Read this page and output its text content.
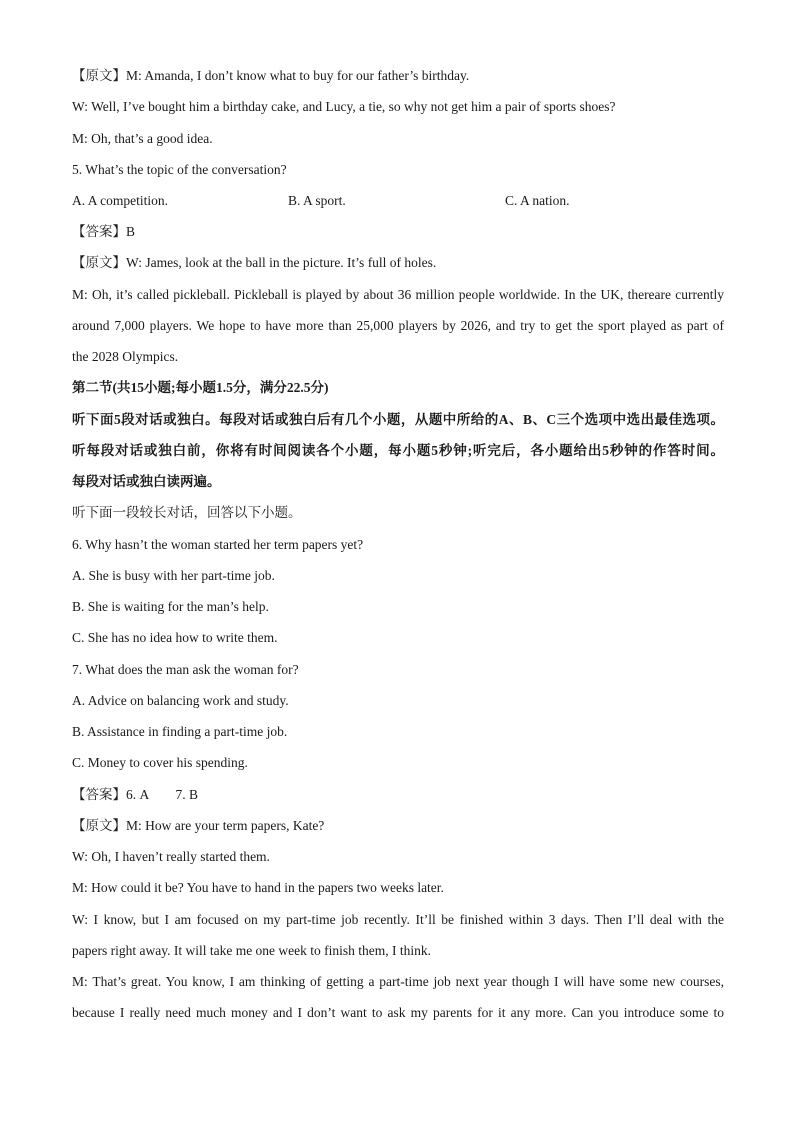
【原文】M: Amanda, I don’t know what to buy for our father’s birthday.
W: Well, I’ve bought him a birthday cake, and Lucy, a tie, so why not get him a pair of sports shoes?
M: Oh, that’s a good idea.
5. What’s the topic of the conversation?
A. A competition.	B. A sport.	C. A nation.
【答案】B
【原文】W: James, look at the ball in the picture. It’s full of holes.
M: Oh, it’s called pickleball. Pickleball is played by about 36 million people worldwide. In the UK, thereare currently
around 7,000 players. We hope to have more than 25,000 players by 2026, and try to get the sport played as part of
the 2028 Olympics.
第二节(共15小题;每小题1.5分，满分22.5分)
听下面5段对话或独白。每段对话或独白后有几个小题，从题中所给的A、B、C三个选项中选出最佳选项。
听每段对话或独白前，你将有时间阅读各个小题，每小题5秒钟;听完后，各小题给出5秒钟的作答时间。
每段对话或独白读两遍。
听下面一段较长对话，回答以下小题。
6. Why hasn’t the woman started her term papers yet?
A. She is busy with her part-time job.
B. She is waiting for the man’s help.
C. She has no idea how to write them.
7. What does the man ask the woman for?
A. Advice on balancing work and study.
B. Assistance in finding a part-time job.
C. Money to cover his spending.
【答案】6. A        7. B
【原文】M: How are your term papers, Kate?
W: Oh, I haven’t really started them.
M: How could it be? You have to hand in the papers two weeks later.
W: I know, but I am focused on my part-time job recently. It’ll be finished within 3 days. Then I’ll deal with the
papers right away. It will take me one week to finish them, I think.
M: That’s great. You know, I am thinking of getting a part-time job next year though I will have some new courses,
because I really need much money and I don’t want to ask my parents for it any more. Can you introduce some to
